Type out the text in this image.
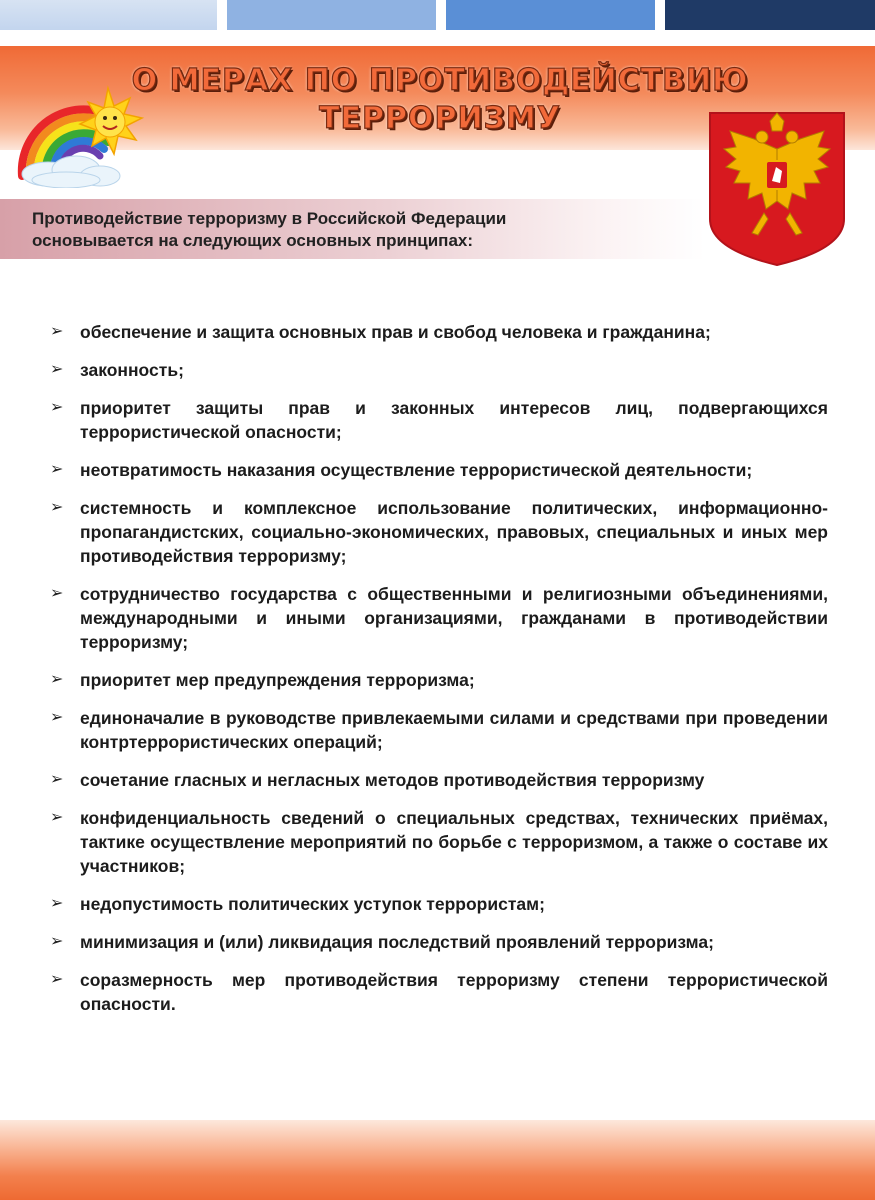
О МЕРАХ ПО ПРОТИВОДЕЙСТВИЮ
ТЕРРОРИЗМУ

Противодействие терроризму в Российской Федерации
основывается на следующих основных принципах:

➢ обеспечение и защита основных прав и свобод человека и гражданина;
➢ законность;
➢ приоритет защиты прав и законных интересов лиц, подвергающихся террористической опасности;
➢ неотвратимость наказания осуществление террористической деятельности;
➢ системность и комплексное использование политических, информационно-пропагандистских, социально-экономических, правовых, специальных и иных мер противодействия терроризму;
➢ сотрудничество государства с общественными и религиозными объединениями, международными и иными организациями, гражданами в противодействии терроризму;
➢ приоритет мер предупреждения терроризма;
➢ единоначалие в руководстве привлекаемыми силами и средствами при проведении контртеррористических операций;
➢ сочетание гласных и негласных методов противодействия терроризму
➢ конфиденциальность сведений о специальных средствах, технических приёмах, тактике осуществление мероприятий по борьбе с терроризмом, а также о составе их участников;
➢ недопустимость политических уступок террористам;
➢ минимизация и (или) ликвидация последствий проявлений терроризма;
➢ соразмерность мер противодействия терроризму степени террористической опасности.
